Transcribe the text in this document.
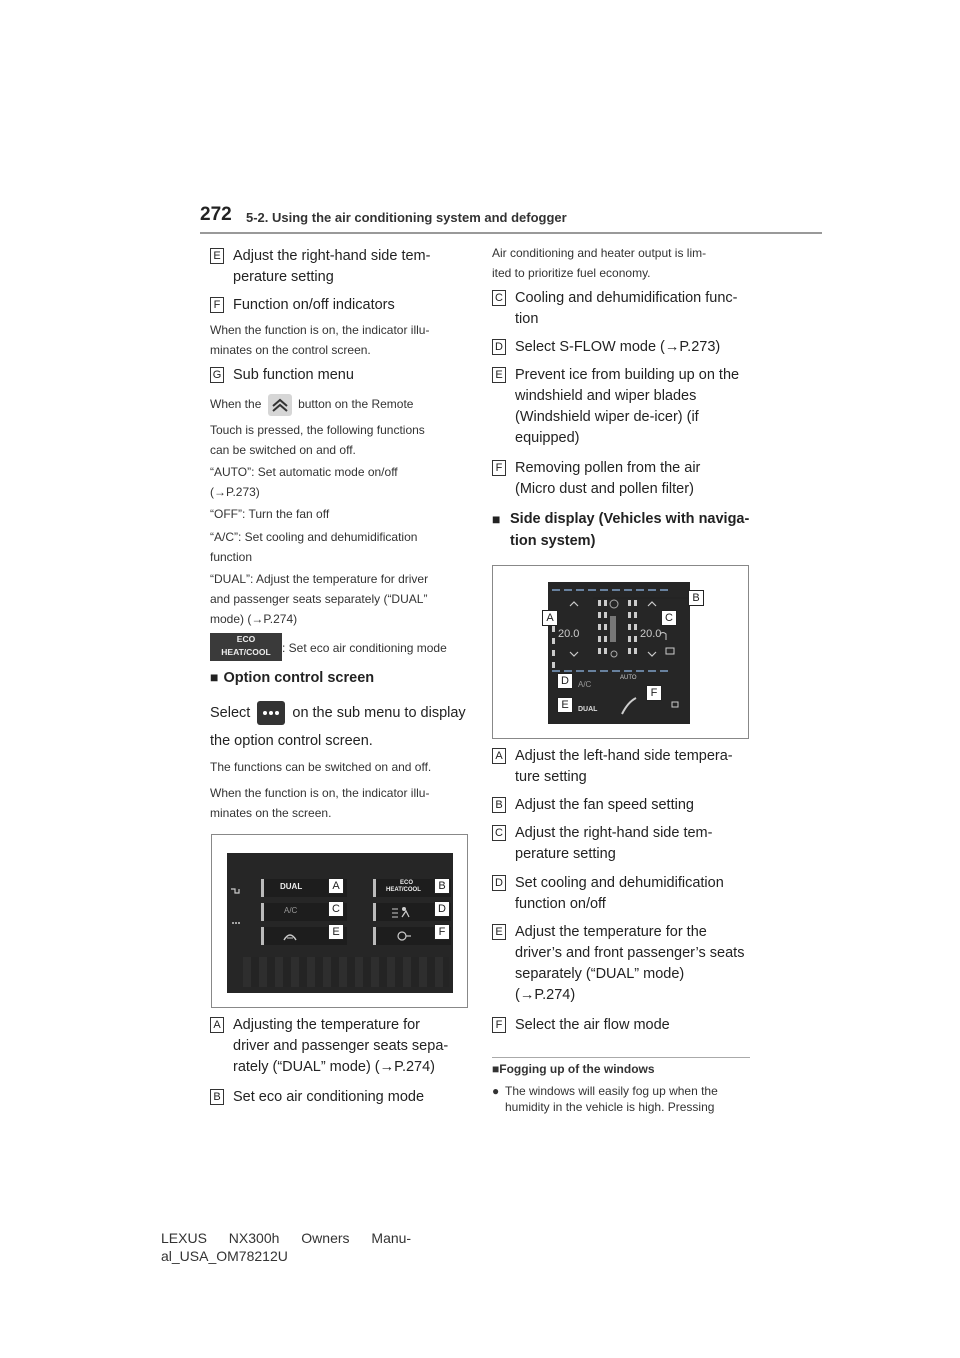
272 5-2. Using the air conditioning system and defogger
E Adjust the right-hand side tem-
perature setting
F Function on/off indicators
When the function is on, the indicator illu-
minates on the control screen.
G Sub function menu
When the	button on the Remote
Touch is pressed, the following functions
can be switched on and off.
“AUTO”: Set automatic mode on/off
(→P.273)
“OFF”: Turn the fan off
“A/C”: Set cooling and dehumidification
function
“DUAL”: Adjust the temperature for driver
and passenger seats separately (“DUAL”
mode) (→P.274)
ECO
HEAT/COOL : Set eco air conditioning mode
■ Option control screen
Select	on the sub menu to display
the option control screen.
The functions can be switched on and off.
When the function is on, the indicator illu-
minates on the screen.
DUAL	ECO
HEAT/COOL
A/C
A	B
C	D
E	F
A Adjusting the temperature for
driver and passenger seats sepa-
rately (“DUAL” mode) (→P.274)
B Set eco air conditioning mode
Air conditioning and heater output is lim-
ited to prioritize fuel economy.
C Cooling and dehumidification func-
tion
D Select S-FLOW mode (→P.273)
E Prevent ice from building up on the
windshield and wiper blades
(Windshield wiper de-icer) (if
equipped)
F Removing pollen from the air
(Micro dust and pollen filter)
■ Side display (Vehicles with naviga-
tion system)
20.0	20.0
A/C
AUTO
DUAL
A
B
C
D
E
F
A Adjust the left-hand side tempera-
ture setting
B Adjust the fan speed setting
C Adjust the right-hand side tem-
perature setting
D Set cooling and dehumidification
function on/off
E Adjust the temperature for the
driver’s and front passenger’s seats
separately (“DUAL” mode)
(→P.274)
F Select the air flow mode
■Fogging up of the windows
● The windows will easily fog up when the
humidity in the vehicle is high. Pressing
LEXUS NX300h Owners Manu-
al_USA_OM78212U
